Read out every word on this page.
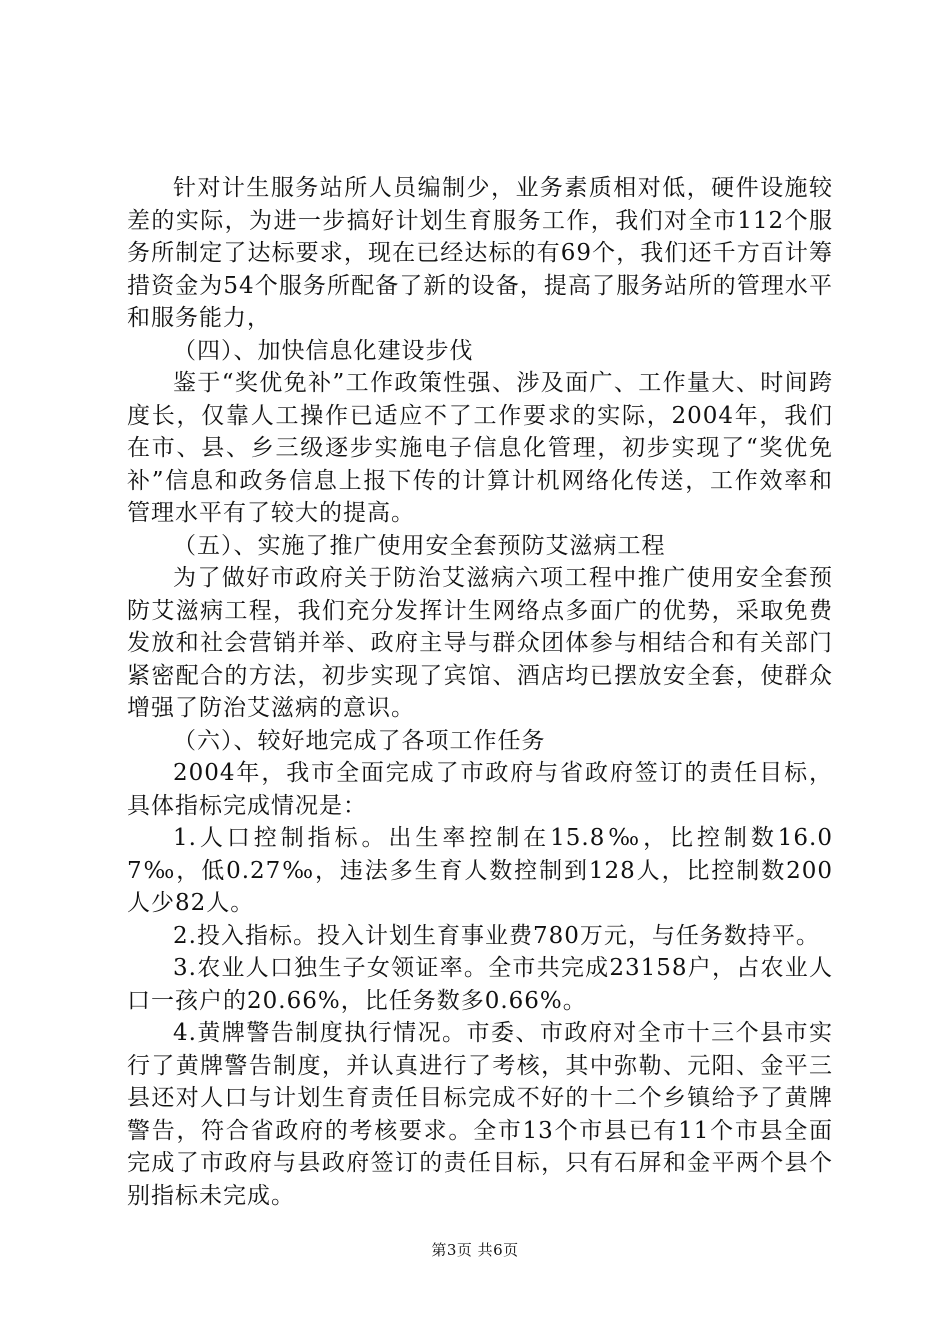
针对计生服务站所人员编制少，业务素质相对低，硬件设施较差的实际，为进一步搞好计划生育服务工作，我们对全市112个服务所制定了达标要求，现在已经达标的有69个，我们还千方百计筹措资金为54个服务所配备了新的设备，提高了服务站所的管理水平和服务能力，

（四）、加快信息化建设步伐

鉴于“奖优免补”工作政策性强、涉及面广、工作量大、时间跨度长，仅靠人工操作已适应不了工作要求的实际，2004年，我们在市、县、乡三级逐步实施电子信息化管理，初步实现了“奖优免补”信息和政务信息上报下传的计算计机网络化传送，工作效率和管理水平有了较大的提高。

（五）、实施了推广使用安全套预防艾滋病工程

为了做好市政府关于防治艾滋病六项工程中推广使用安全套预防艾滋病工程，我们充分发挥计生网络点多面广的优势，采取免费发放和社会营销并举、政府主导与群众团体参与相结合和有关部门紧密配合的方法，初步实现了宾馆、酒店均已摆放安全套，使群众增强了防治艾滋病的意识。

（六）、较好地完成了各项工作任务

2004年，我市全面完成了市政府与省政府签订的责任目标，具体指标完成情况是：

1.人口控制指标。出生率控制在15.8‰，比控制数16.07‰，低0.27‰，违法多生育人数控制到128人，比控制数200人少82人。

2.投入指标。投入计划生育事业费780万元，与任务数持平。

3.农业人口独生子女领证率。全市共完成23158户，占农业人口一孩户的20.66%，比任务数多0.66%。

4.黄牌警告制度执行情况。市委、市政府对全市十三个县市实行了黄牌警告制度，并认真进行了考核，其中弥勒、元阳、金平三县还对人口与计划生育责任目标完成不好的十二个乡镇给予了黄牌警告，符合省政府的考核要求。全市13个市县已有11个市县全面完成了市政府与县政府签订的责任目标，只有石屏和金平两个县个别指标未完成。

第3页 共6页
